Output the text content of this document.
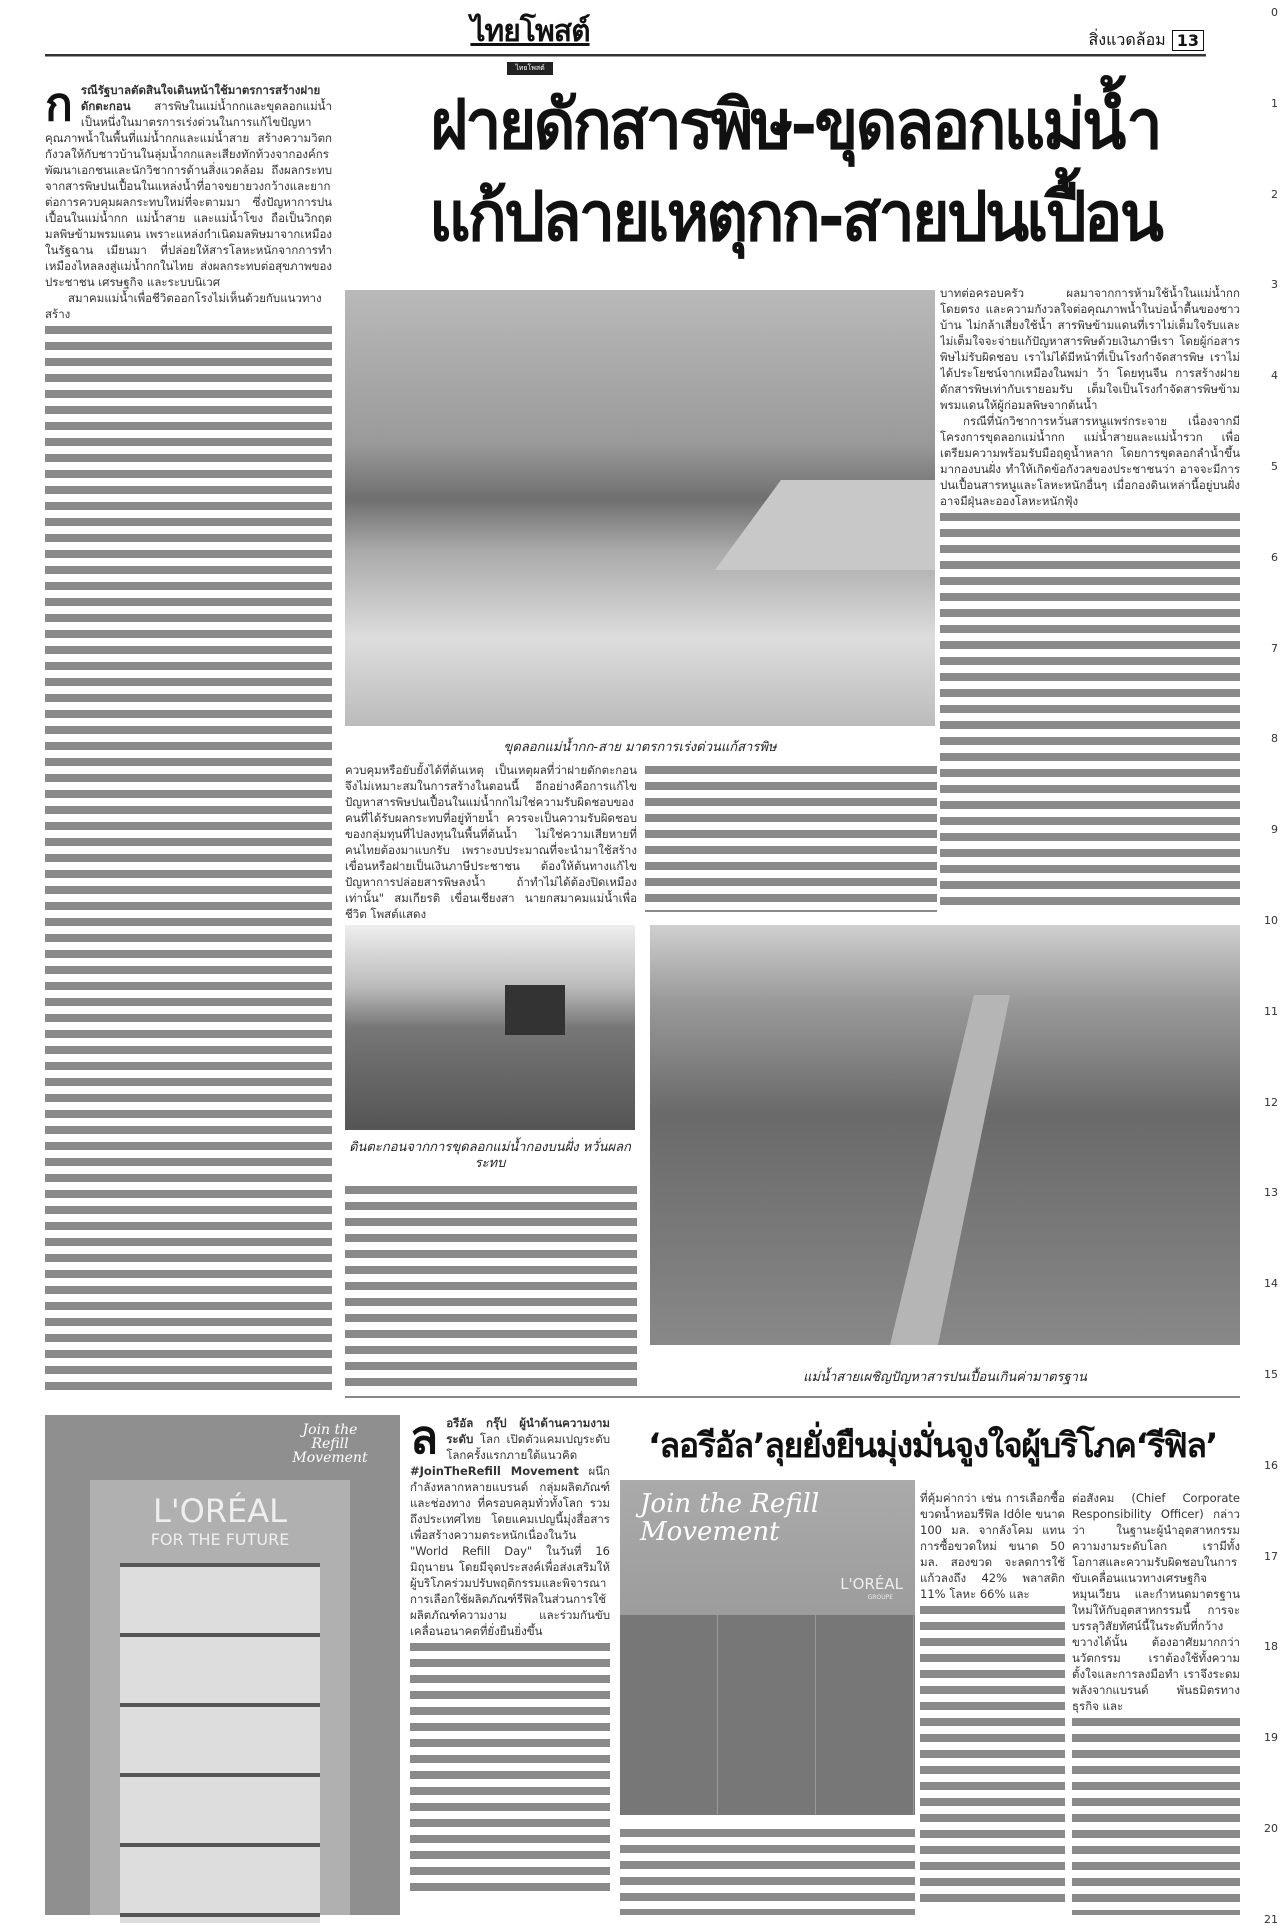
ไทยโพสต์
ไทยโพสต์
สิ่งแวดล้อม 13
0
1
2
3
4
5
6
7
8
9
10
11
12
13
14
15
16
17
18
19
20
21
ก รณีรัฐบาลตัดสินใจเดินหน้าใช้มาตรการสร้างฝายดักตะกอน สารพิษในแม่น้ำกกและขุดลอกแม่น้ำ เป็นหนึ่งในมาตรการเร่งด่วนในการแก้ไขปัญหาคุณภาพน้ำในพื้นที่แม่น้ำกกและแม่น้ำสาย สร้างความวิตกกังวลให้กับชาวบ้านในลุ่มน้ำกกและเสียงทักท้วงจากองค์กรพัฒนาเอกชนและนักวิชาการด้านสิ่งแวดล้อม ถึงผลกระทบจากสารพิษปนเปื้อนในแหล่งน้ำที่อาจขยายวงกว้างและยากต่อการควบคุมผลกระทบใหม่ที่จะตามมา ซึ่งปัญหาการปนเปื้อนในแม่น้ำกก แม่น้ำสาย และแม่น้ำโขง ถือเป็นวิกฤตมลพิษข้ามพรมแดน เพราะแหล่งกำเนิดมลพิษมาจากเหมืองในรัฐฉาน เมียนมา ที่ปล่อยให้สารโลหะหนักจากการทำเหมืองไหลลงสู่แม่น้ำกกในไทย ส่งผลกระทบต่อสุขภาพของประชาชน เศรษฐกิจ และระบบนิเวศ

สมาคมแม่น้ำเพื่อชีวิตออกโรงไม่เห็นด้วยกับแนวทางสร้าง

ฝายดักสารพิษ-ขุดลอกแม่น้ำ
แก้ปลายเหตุกก-สายปนเปื้อน
ขุดลอกแม่น้ำกก-สาย มาตรการเร่งด่วนแก้สารพิษ
บาทต่อครอบครัว ผลมาจากการห้ามใช้น้ำในแม่น้ำกกโดยตรง และความกังวลใจต่อคุณภาพน้ำในบ่อน้ำตื้นของชาวบ้าน ไม่กล้าเสี่ยงใช้น้ำ สารพิษข้ามแดนที่เราไม่เต็มใจรับและไม่เต็มใจจะจ่ายแก้ปัญหาสารพิษด้วยเงินภาษีเรา โดยผู้ก่อสารพิษไม่รับผิดชอบ เราไม่ได้มีหน้าที่เป็นโรงกำจัดสารพิษ เราไม่ได้ประโยชน์จากเหมืองในพม่า ว้า โดยทุนจีน การสร้างฝายดักสารพิษเท่ากับเรายอมรับ เต็มใจเป็นโรงกำจัดสารพิษข้ามพรมแดนให้ผู้ก่อมลพิษจากต้นน้ำ

กรณีที่นักวิชาการหวั่นสารหนูแพร่กระจาย เนื่องจากมีโครงการขุดลอกแม่น้ำกก แม่น้ำสายและแม่น้ำรวก เพื่อเตรียมความพร้อมรับมือฤดูน้ำหลาก โดยการขุดลอกลำน้ำขึ้นมากองบนฝั่ง ทำให้เกิดข้อกังวลของประชาชนว่า อาจจะมีการปนเปื้อนสารหนูและโลหะหนักอื่นๆ เมื่อกองดินเหล่านี้อยู่บนฝั่ง อาจมีฝุ่นละอองโลหะหนักฟุ้ง

ควบคุมหรือยับยั้งได้ที่ต้นเหตุ เป็นเหตุผลที่ว่าฝายดักตะกอนจึงไม่เหมาะสมในการสร้างในตอนนี้ อีกอย่างคือการแก้ไขปัญหาสารพิษปนเปื้อนในแม่น้ำกกไม่ใช่ความรับผิดชอบของคนที่ได้รับผลกระทบที่อยู่ท้ายน้ำ ควรจะเป็นความรับผิดชอบของกลุ่มทุนที่ไปลงทุนในพื้นที่ต้นน้ำ ไม่ใช่ความเสียหายที่คนไทยต้องมาแบกรับ เพราะงบประมาณที่จะนำมาใช้สร้างเขื่อนหรือฝายเป็นเงินภาษีประชาชน ต้องให้ต้นทางแก้ไขปัญหาการปล่อยสารพิษลงน้ำ ถ้าทำไม่ได้ต้องปิดเหมืองเท่านั้น" สมเกียรติ เขื่อนเชียงสา นายกสมาคมแม่น้ำเพื่อชีวิต โพสต์แสดง
ดินตะกอนจากการขุดลอกแม่น้ำกองบนฝั่ง หวั่นผลกระทบ
แม่น้ำสายเผชิญปัญหาสารปนเปื้อนเกินค่ามาตรฐาน
Join the Refill Movement
L'ORÉAL
FOR THE FUTURE
ล อรีอัล กรุ๊ป ผู้นำด้านความงามระดับ โลก เปิดตัวแคมเปญระดับโลกครั้งแรกภายใต้แนวคิด #JoinTheRefill Movement ผนึกกำลังหลากหลายแบรนด์ กลุ่มผลิตภัณฑ์ และช่องทาง ที่ครอบคลุมทั่วทั้งโลก รวมถึงประเทศไทย โดยแคมเปญนี้มุ่งสื่อสารเพื่อสร้างความตระหนักเนื่องในวัน "World Refill Day" ในวันที่ 16 มิถุนายน โดยมีจุดประสงค์เพื่อส่งเสริมให้ผู้บริโภคร่วมปรับพฤติกรรมและพิจารณาการเลือกใช้ผลิตภัณฑ์รีฟิลในส่วนการใช้ผลิตภัณฑ์ความงาม และร่วมกันขับเคลื่อนอนาคตที่ยั่งยืนยิ่งขึ้น
‘ลอรีอัล’ลุยยั่งยืนมุ่งมั่นจูงใจผู้บริโภค‘รีฟิล’
Join the Refill Movement
L'ORÉAL
GROUPE
ที่คุ้มค่ากว่า เช่น การเลือกซื้อขวดน้ำหอมรีฟิล Idôle ขนาด 100 มล. จากลังโคม แทนการซื้อขวดใหม่ ขนาด 50 มล. สองขวด จะลดการใช้แก้วลงถึง 42% พลาสติก 11% โลหะ 66% และ
ต่อสังคม (Chief Corporate Responsibility Officer) กล่าวว่า ในฐานะผู้นำอุตสาหกรรมความงามระดับโลก เรามีทั้งโอกาสและความรับผิดชอบในการขับเคลื่อนแนวทางเศรษฐกิจหมุนเวียน และกำหนดมาตรฐานใหม่ให้กับอุตสาหกรรมนี้ การจะบรรลุวิสัยทัศน์นี้ในระดับที่กว้างขวางได้นั้น ต้องอาศัยมากกว่านวัตกรรม เราต้องใช้ทั้งความตั้งใจและการลงมือทำ เราจึงระดมพลังจากแบรนด์ พันธมิตรทางธุรกิจ และ
